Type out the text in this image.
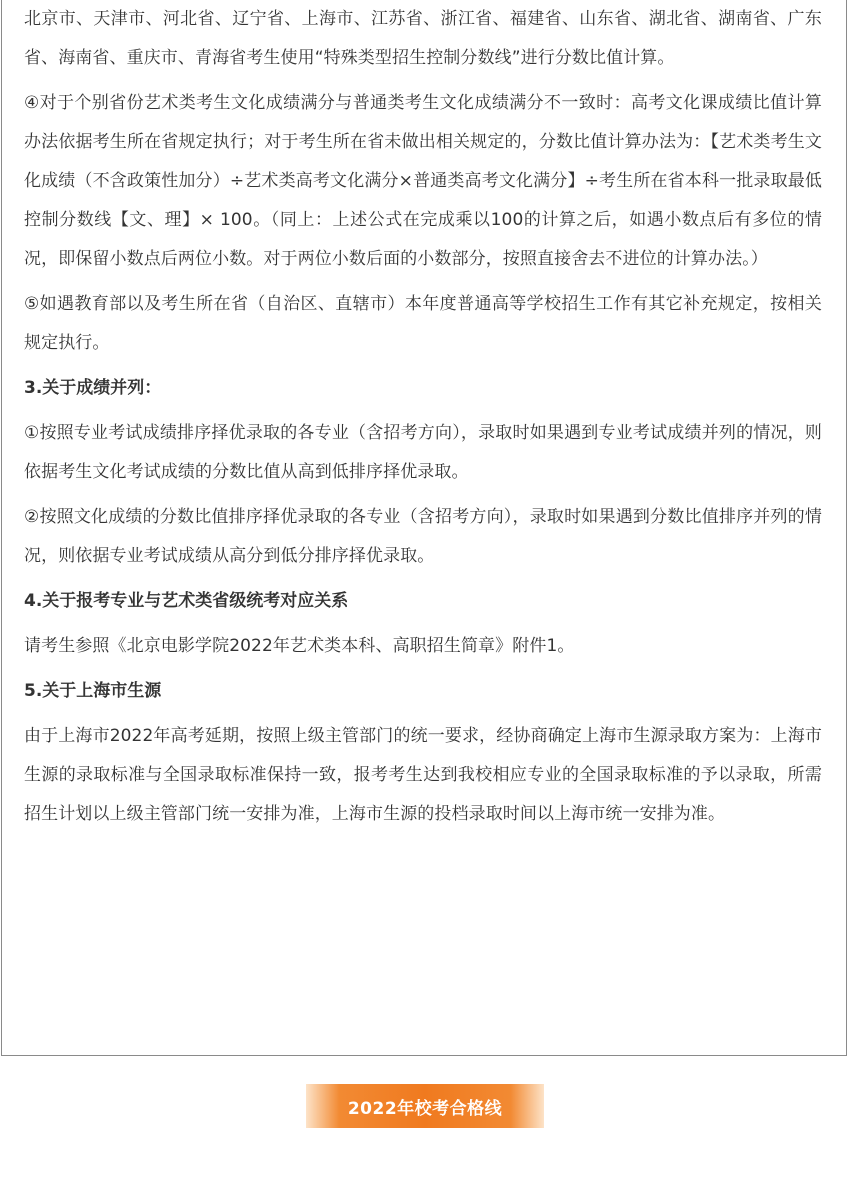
北京市、天津市、河北省、辽宁省、上海市、江苏省、浙江省、福建省、山东省、湖北省、湖南省、广东省、海南省、重庆市、青海省考生使用“特殊类型招生控制分数线”进行分数比值计算。

④对于个别省份艺术类考生文化成绩满分与普通类考生文化成绩满分不一致时：高考文化课成绩比值计算办法依据考生所在省规定执行；对于考生所在省未做出相关规定的，分数比值计算办法为：【艺术类考生文化成绩（不含政策性加分）÷艺术类高考文化满分×普通类高考文化满分】÷考生所在省本科一批录取最低控制分数线【文、理】× 100。（同上：上述公式在完成乘以100的计算之后，如遇小数点后有多位的情况，即保留小数点后两位小数。对于两位小数后面的小数部分，按照直接舍去不进位的计算办法。）

⑤如遇教育部以及考生所在省（自治区、直辖市）本年度普通高等学校招生工作有其它补充规定，按相关规定执行。

3.关于成绩并列：

①按照专业考试成绩排序择优录取的各专业（含招考方向），录取时如果遇到专业考试成绩并列的情况，则依据考生文化考试成绩的分数比值从高到低排序择优录取。

②按照文化成绩的分数比值排序择优录取的各专业（含招考方向），录取时如果遇到分数比值排序并列的情况，则依据专业考试成绩从高分到低分排序择优录取。

4.关于报考专业与艺术类省级统考对应关系

请考生参照《北京电影学院2022年艺术类本科、高职招生简章》附件1。

5.关于上海市生源

由于上海市2022年高考延期，按照上级主管部门的统一要求，经协商确定上海市生源录取方案为：上海市生源的录取标准与全国录取标准保持一致，报考考生达到我校相应专业的全国录取标准的予以录取，所需招生计划以上级主管部门统一安排为准，上海市生源的投档录取时间以上海市统一安排为准。

2022年校考合格线
